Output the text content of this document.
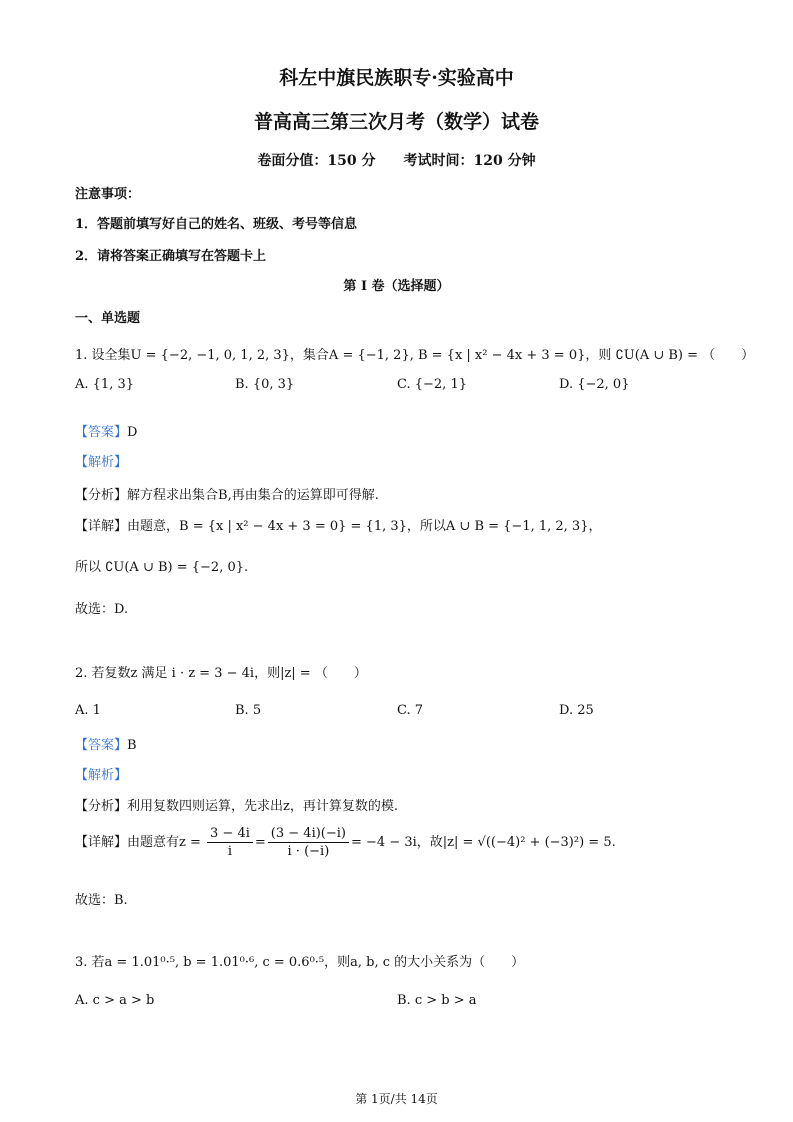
科左中旗民族职专·实验高中
普高高三第三次月考（数学）试卷
卷面分值：150 分　　考试时间：120 分钟
注意事项：
1．答题前填写好自己的姓名、班级、考号等信息
2．请将答案正确填写在答题卡上
第 I 卷（选择题）
一、单选题
1. 设全集U = {−2, −1, 0, 1, 2, 3}，集合A = {−1, 2}, B = {x | x² − 4x + 3 = 0}，则 ∁U(A ∪ B) = （　　）
A. {1, 3}	B. {0, 3}	C. {−2, 1}	D. {−2, 0}
【答案】D
【解析】
【分析】解方程求出集合B,再由集合的运算即可得解.
【详解】由题意，B = {x | x² − 4x + 3 = 0} = {1, 3}，所以A ∪ B = {−1, 1, 2, 3}，
所以 ∁U(A ∪ B) = {−2, 0}.
故选：D.
2. 若复数z 满足 i · z = 3 − 4i，则|z| = （　　）
A. 1	B. 5	C. 7	D. 25
【答案】B
【解析】
【分析】利用复数四则运算，先求出z，再计算复数的模.
【详解】由题意有$z = \frac{3 - 4i}{i} = \frac{(3 - 4i)(-i)}{i \cdot (-i)} = -4 - 3i$，故|z| = √((−4)² + (−3)²) = 5.
故选：B.
3. 若a = 1.01⁰·⁵, b = 1.01⁰·⁶, c = 0.6⁰·⁵，则a, b, c 的大小关系为（　　）
A. c > a > b	B. c > b > a
第 1页/共 14页
